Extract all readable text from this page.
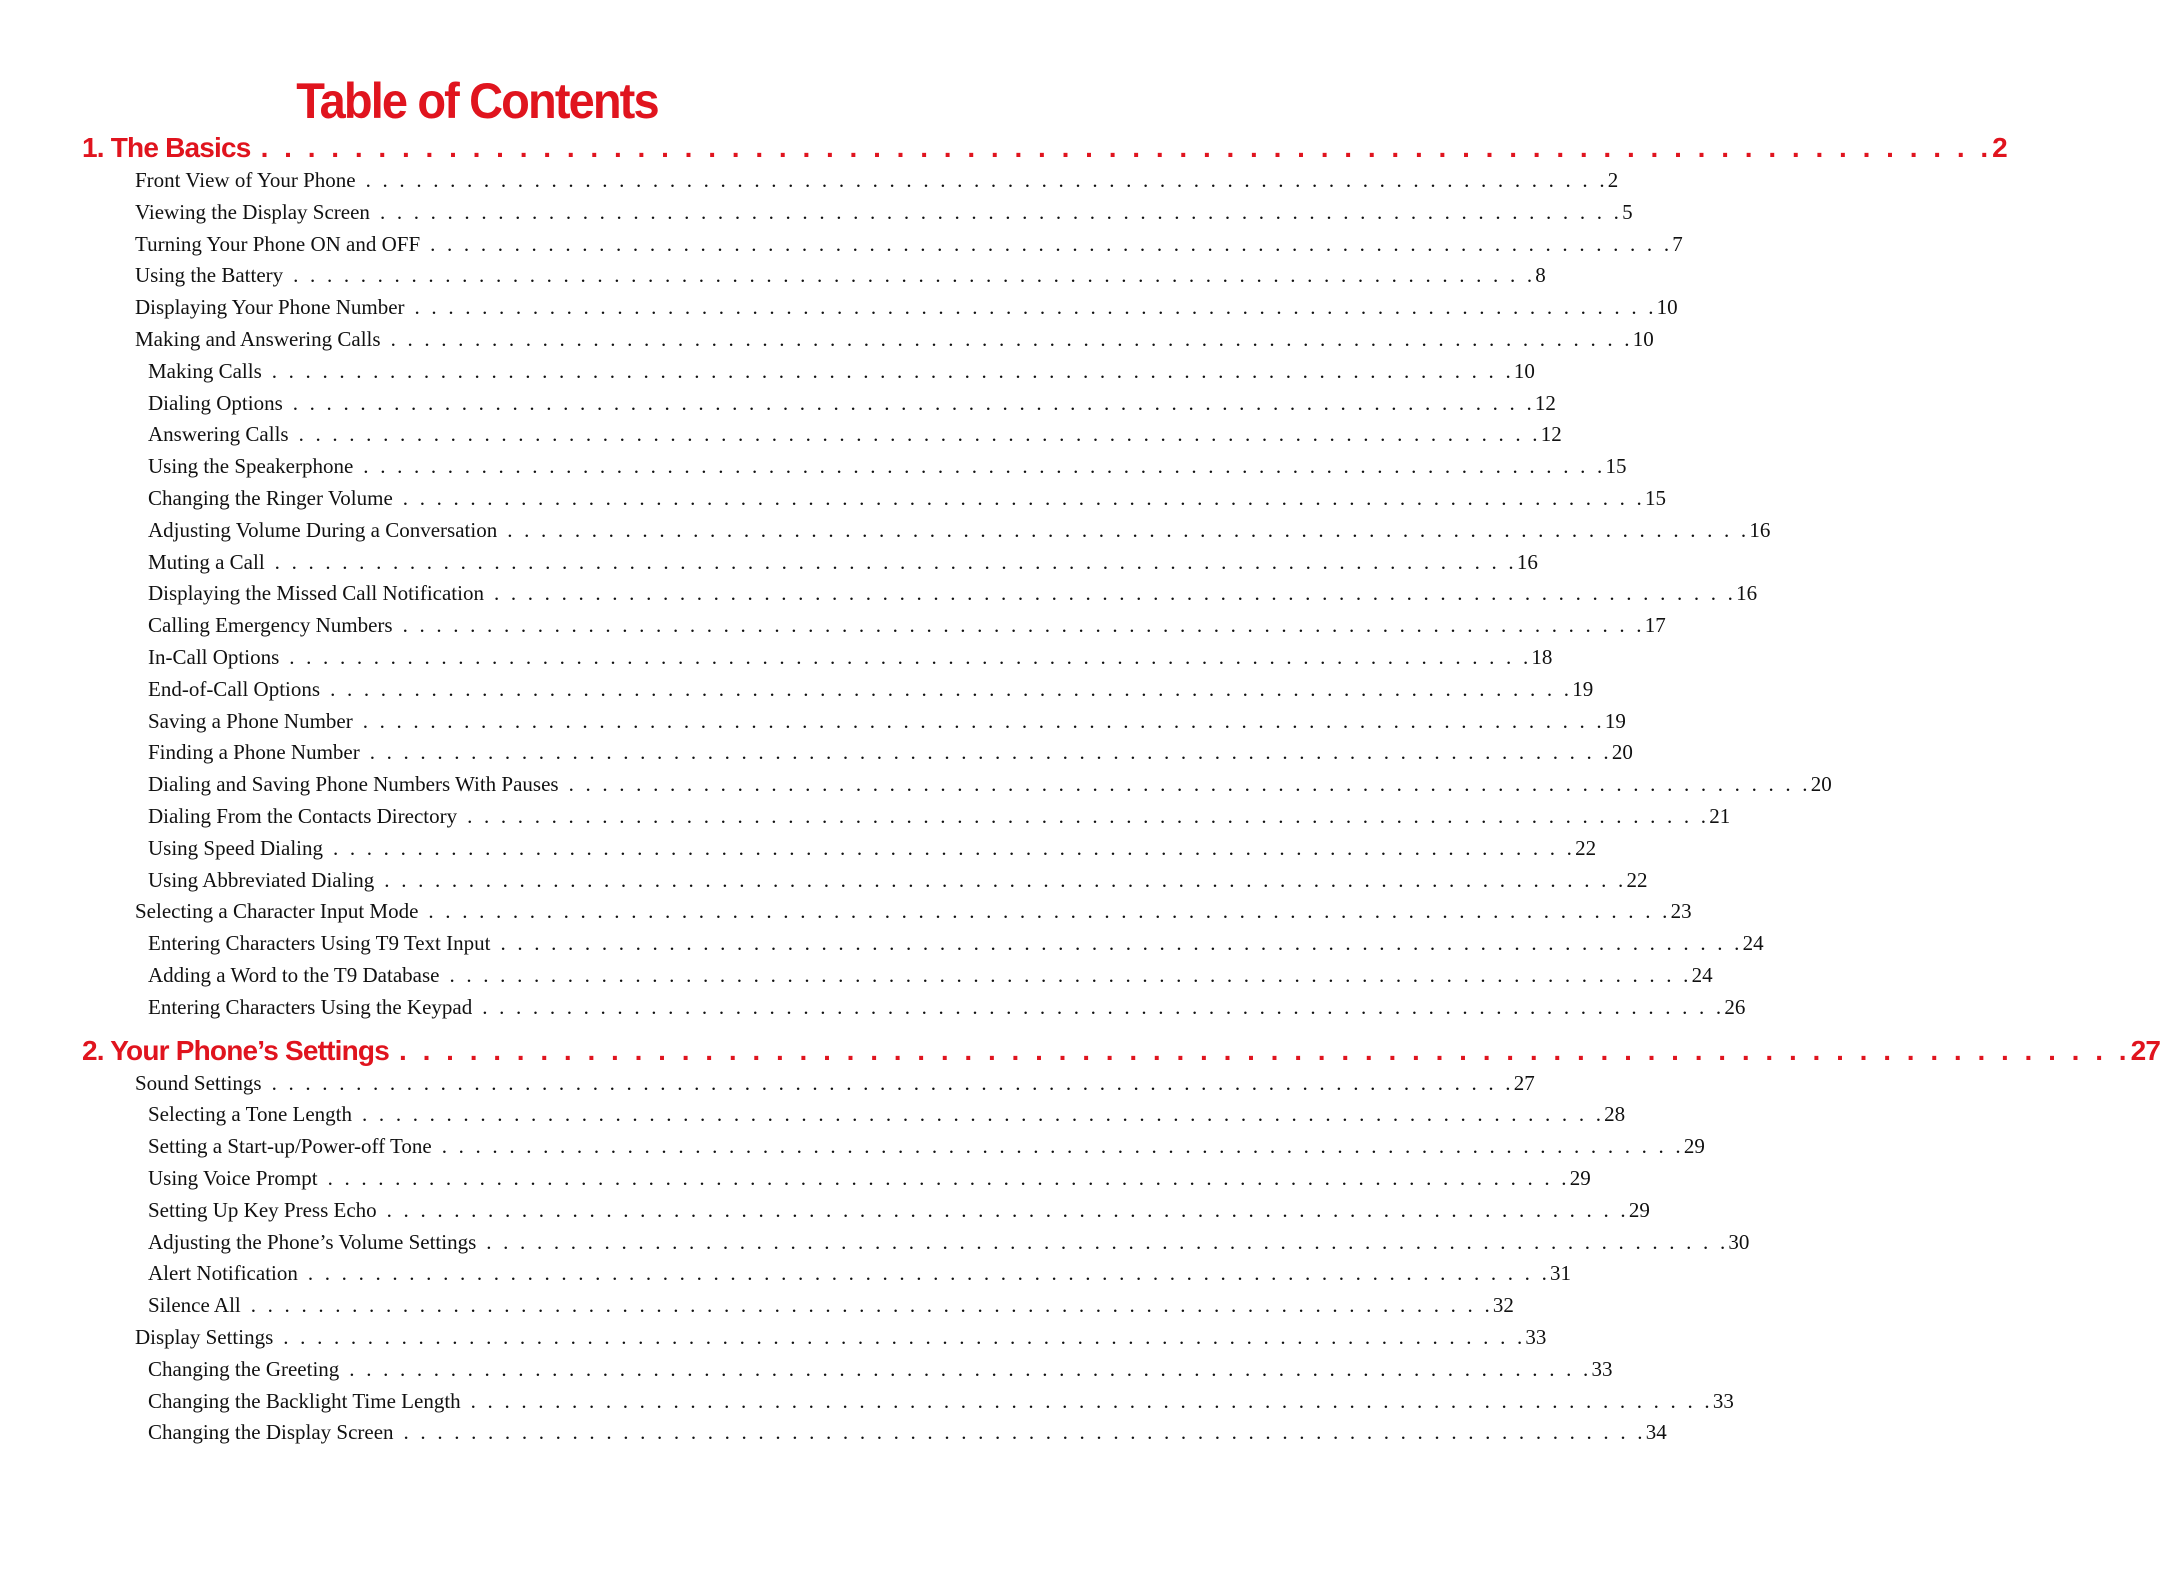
Table of Contents
1. The Basics . . . . . . . . . . . . . . . . . . . . . . . . . . . . . . . . . . . . . . . . . . . . . . . . . . . . . . . . . . . . . . . . . . . . . . . . . . 2
Front View of Your Phone . . . . . . . . . . . . . . . . . . . . . . . . . . . . . . . . . . . . . . . . . . . . . . . . . . . . . . . . . . . . . . . . . . . . . . . . . . 2
Viewing the Display Screen . . . . . . . . . . . . . . . . . . . . . . . . . . . . . . . . . . . . . . . . . . . . . . . . . . . . . . . . . . . . . . . . . . . . . . . . . . 5
Turning Your Phone ON and OFF . . . . . . . . . . . . . . . . . . . . . . . . . . . . . . . . . . . . . . . . . . . . . . . . . . . . . . . . . . . . . . . . . . . . . . . . . . 7
Using the Battery . . . . . . . . . . . . . . . . . . . . . . . . . . . . . . . . . . . . . . . . . . . . . . . . . . . . . . . . . . . . . . . . . . . . . . . . . . 8
Displaying Your Phone Number . . . . . . . . . . . . . . . . . . . . . . . . . . . . . . . . . . . . . . . . . . . . . . . . . . . . . . . . . . . . . . . . . . . . . . . . . . 10
Making and Answering Calls . . . . . . . . . . . . . . . . . . . . . . . . . . . . . . . . . . . . . . . . . . . . . . . . . . . . . . . . . . . . . . . . . . . . . . . . . . 10
Making Calls . . . . . . . . . . . . . . . . . . . . . . . . . . . . . . . . . . . . . . . . . . . . . . . . . . . . . . . . . . . . . . . . . . . . . . . . . . 10
Dialing Options . . . . . . . . . . . . . . . . . . . . . . . . . . . . . . . . . . . . . . . . . . . . . . . . . . . . . . . . . . . . . . . . . . . . . . . . . . 12
Answering Calls . . . . . . . . . . . . . . . . . . . . . . . . . . . . . . . . . . . . . . . . . . . . . . . . . . . . . . . . . . . . . . . . . . . . . . . . . . 12
Using the Speakerphone . . . . . . . . . . . . . . . . . . . . . . . . . . . . . . . . . . . . . . . . . . . . . . . . . . . . . . . . . . . . . . . . . . . . . . . . . . 15
Changing the Ringer Volume . . . . . . . . . . . . . . . . . . . . . . . . . . . . . . . . . . . . . . . . . . . . . . . . . . . . . . . . . . . . . . . . . . . . . . . . . . 15
Adjusting Volume During a Conversation . . . . . . . . . . . . . . . . . . . . . . . . . . . . . . . . . . . . . . . . . . . . . . . . . . . . . . . . . . . . . . . . . . . . . . . . . . 16
Muting a Call . . . . . . . . . . . . . . . . . . . . . . . . . . . . . . . . . . . . . . . . . . . . . . . . . . . . . . . . . . . . . . . . . . . . . . . . . . 16
Displaying the Missed Call Notification . . . . . . . . . . . . . . . . . . . . . . . . . . . . . . . . . . . . . . . . . . . . . . . . . . . . . . . . . . . . . . . . . . . . . . . . . . 16
Calling Emergency Numbers . . . . . . . . . . . . . . . . . . . . . . . . . . . . . . . . . . . . . . . . . . . . . . . . . . . . . . . . . . . . . . . . . . . . . . . . . . 17
In-Call Options . . . . . . . . . . . . . . . . . . . . . . . . . . . . . . . . . . . . . . . . . . . . . . . . . . . . . . . . . . . . . . . . . . . . . . . . . . 18
End-of-Call Options . . . . . . . . . . . . . . . . . . . . . . . . . . . . . . . . . . . . . . . . . . . . . . . . . . . . . . . . . . . . . . . . . . . . . . . . . . 19
Saving a Phone Number . . . . . . . . . . . . . . . . . . . . . . . . . . . . . . . . . . . . . . . . . . . . . . . . . . . . . . . . . . . . . . . . . . . . . . . . . . 19
Finding a Phone Number . . . . . . . . . . . . . . . . . . . . . . . . . . . . . . . . . . . . . . . . . . . . . . . . . . . . . . . . . . . . . . . . . . . . . . . . . . 20
Dialing and Saving Phone Numbers With Pauses . . . . . . . . . . . . . . . . . . . . . . . . . . . . . . . . . . . . . . . . . . . . . . . . . . . . . . . . . . . . . . . . . . . . . . . . . . 20
Dialing From the Contacts Directory . . . . . . . . . . . . . . . . . . . . . . . . . . . . . . . . . . . . . . . . . . . . . . . . . . . . . . . . . . . . . . . . . . . . . . . . . . 21
Using Speed Dialing . . . . . . . . . . . . . . . . . . . . . . . . . . . . . . . . . . . . . . . . . . . . . . . . . . . . . . . . . . . . . . . . . . . . . . . . . . 22
Using Abbreviated Dialing . . . . . . . . . . . . . . . . . . . . . . . . . . . . . . . . . . . . . . . . . . . . . . . . . . . . . . . . . . . . . . . . . . . . . . . . . . 22
Selecting a Character Input Mode . . . . . . . . . . . . . . . . . . . . . . . . . . . . . . . . . . . . . . . . . . . . . . . . . . . . . . . . . . . . . . . . . . . . . . . . . . 23
Entering Characters Using T9 Text Input . . . . . . . . . . . . . . . . . . . . . . . . . . . . . . . . . . . . . . . . . . . . . . . . . . . . . . . . . . . . . . . . . . . . . . . . . . 24
Adding a Word to the T9 Database . . . . . . . . . . . . . . . . . . . . . . . . . . . . . . . . . . . . . . . . . . . . . . . . . . . . . . . . . . . . . . . . . . . . . . . . . . 24
Entering Characters Using the Keypad . . . . . . . . . . . . . . . . . . . . . . . . . . . . . . . . . . . . . . . . . . . . . . . . . . . . . . . . . . . . . . . . . . . . . . . . . . 26
2. Your Phone’s Settings . . . . . . . . . . . . . . . . . . . . . . . . . . . . . . . . . . . . . . . . . . . . . . . . . . . . . . . . . . . . . . . . . . . . . . . . . . 27
Sound Settings . . . . . . . . . . . . . . . . . . . . . . . . . . . . . . . . . . . . . . . . . . . . . . . . . . . . . . . . . . . . . . . . . . . . . . . . . . 27
Selecting a Tone Length . . . . . . . . . . . . . . . . . . . . . . . . . . . . . . . . . . . . . . . . . . . . . . . . . . . . . . . . . . . . . . . . . . . . . . . . . . 28
Setting a Start-up/Power-off Tone . . . . . . . . . . . . . . . . . . . . . . . . . . . . . . . . . . . . . . . . . . . . . . . . . . . . . . . . . . . . . . . . . . . . . . . . . . 29
Using Voice Prompt . . . . . . . . . . . . . . . . . . . . . . . . . . . . . . . . . . . . . . . . . . . . . . . . . . . . . . . . . . . . . . . . . . . . . . . . . . 29
Setting Up Key Press Echo . . . . . . . . . . . . . . . . . . . . . . . . . . . . . . . . . . . . . . . . . . . . . . . . . . . . . . . . . . . . . . . . . . . . . . . . . . 29
Adjusting the Phone’s Volume Settings . . . . . . . . . . . . . . . . . . . . . . . . . . . . . . . . . . . . . . . . . . . . . . . . . . . . . . . . . . . . . . . . . . . . . . . . . . 30
Alert Notification . . . . . . . . . . . . . . . . . . . . . . . . . . . . . . . . . . . . . . . . . . . . . . . . . . . . . . . . . . . . . . . . . . . . . . . . . . 31
Silence All . . . . . . . . . . . . . . . . . . . . . . . . . . . . . . . . . . . . . . . . . . . . . . . . . . . . . . . . . . . . . . . . . . . . . . . . . . 32
Display Settings . . . . . . . . . . . . . . . . . . . . . . . . . . . . . . . . . . . . . . . . . . . . . . . . . . . . . . . . . . . . . . . . . . . . . . . . . . 33
Changing the Greeting . . . . . . . . . . . . . . . . . . . . . . . . . . . . . . . . . . . . . . . . . . . . . . . . . . . . . . . . . . . . . . . . . . . . . . . . . . 33
Changing the Backlight Time Length . . . . . . . . . . . . . . . . . . . . . . . . . . . . . . . . . . . . . . . . . . . . . . . . . . . . . . . . . . . . . . . . . . . . . . . . . . 33
Changing the Display Screen . . . . . . . . . . . . . . . . . . . . . . . . . . . . . . . . . . . . . . . . . . . . . . . . . . . . . . . . . . . . . . . . . . . . . . . . . . 34
